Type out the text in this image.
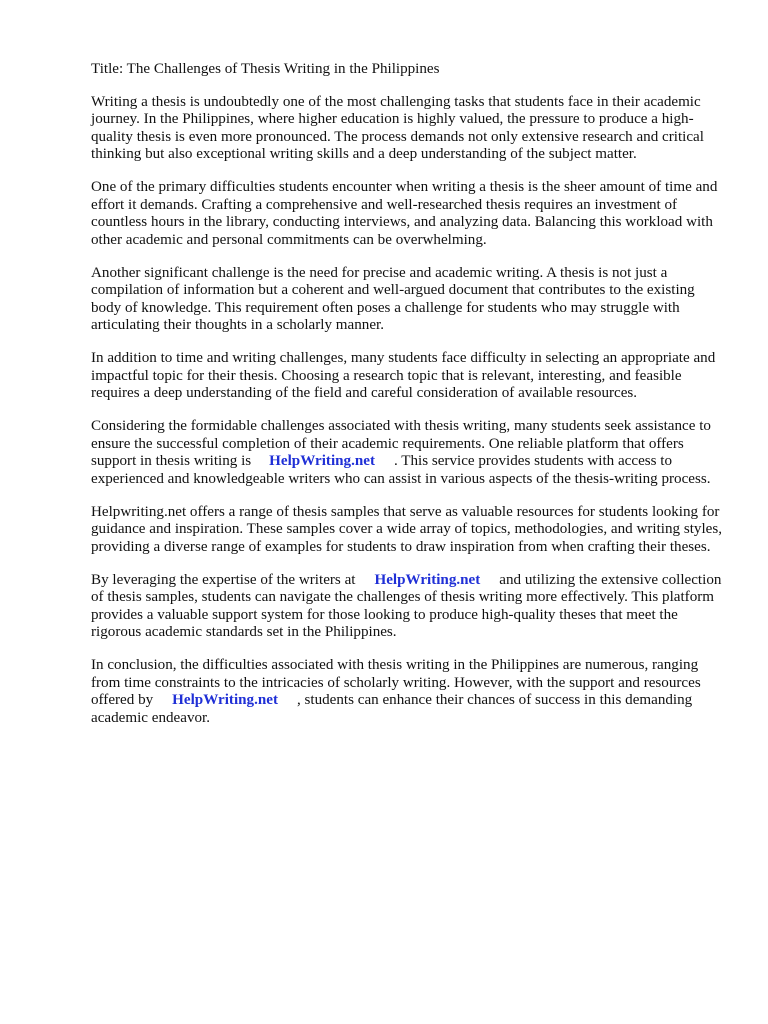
Title: The Challenges of Thesis Writing in the Philippines

Writing a thesis is undoubtedly one of the most challenging tasks that students face in their academic journey. In the Philippines, where higher education is highly valued, the pressure to produce a high-quality thesis is even more pronounced. The process demands not only extensive research and critical thinking but also exceptional writing skills and a deep understanding of the subject matter.

One of the primary difficulties students encounter when writing a thesis is the sheer amount of time and effort it demands. Crafting a comprehensive and well-researched thesis requires an investment of countless hours in the library, conducting interviews, and analyzing data. Balancing this workload with other academic and personal commitments can be overwhelming.

Another significant challenge is the need for precise and academic writing. A thesis is not just a compilation of information but a coherent and well-argued document that contributes to the existing body of knowledge. This requirement often poses a challenge for students who may struggle with articulating their thoughts in a scholarly manner.

In addition to time and writing challenges, many students face difficulty in selecting an appropriate and impactful topic for their thesis. Choosing a research topic that is relevant, interesting, and feasible requires a deep understanding of the field and careful consideration of available resources.

Considering the formidable challenges associated with thesis writing, many students seek assistance to ensure the successful completion of their academic requirements. One reliable platform that offers support in thesis writing is HelpWriting.net . This service provides students with access to experienced and knowledgeable writers who can assist in various aspects of the thesis-writing process.

Helpwriting.net offers a range of thesis samples that serve as valuable resources for students looking for guidance and inspiration. These samples cover a wide array of topics, methodologies, and writing styles, providing a diverse range of examples for students to draw inspiration from when crafting their theses.

By leveraging the expertise of the writers at HelpWriting.net and utilizing the extensive collection of thesis samples, students can navigate the challenges of thesis writing more effectively. This platform provides a valuable support system for those looking to produce high-quality theses that meet the rigorous academic standards set in the Philippines.

In conclusion, the difficulties associated with thesis writing in the Philippines are numerous, ranging from time constraints to the intricacies of scholarly writing. However, with the support and resources offered by HelpWriting.net , students can enhance their chances of success in this demanding academic endeavor.
